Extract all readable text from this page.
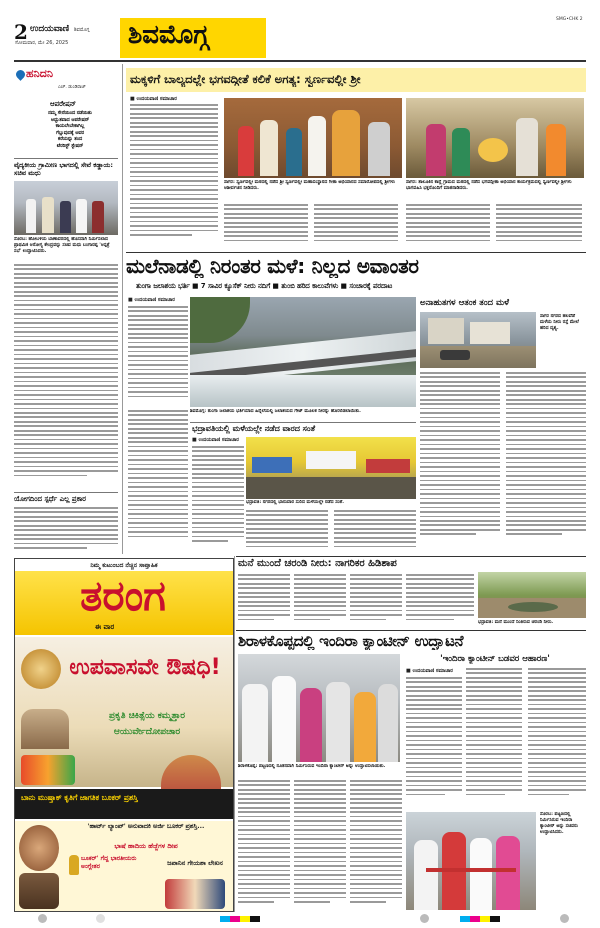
2 ಉದಯವಾಣಿ ಶಿವಮೊಗ್ಗ
ಸೋಮವಾರ, ಮೇ 26, 2025 ಶಿವಮೊಗ್ಗ
SMG•CHK 2
ಹನಿದನಿ
ಎಚ್. ಡುಂಡಿರಾಜ್
ಆಪರೇಷನ್
ನಮ್ಮ ಸೇನೆಯಿಂದ ನಡೆಯಿತು
ಅದ್ಭುತವಾದ ಆಪರೇಷನ್
ಕಾಯಲೇಬೇಕಾಗಿಲ್ಲ
ಗೆಲ್ಲುವುದಕ್ಕೆ ಅವರ
ಕರೆಯನ್ನು ತಂದ
ಟೆರರಿಸ್ಟ್ ಸ್ಟೇಷನ್
ವೈದ್ಯಕೀಯ ಗ್ರಾಮೀಣ ಭಾಗದಲ್ಲಿ ಸೇವೆ ಕಡ್ಡಾಯ: ಸಚಿವ ಮಧು
ಸೊರಬ: ಹೋಬಳಿಯ ಬಾಣಾವರದಲ್ಲಿ ಹೊಸದಾಗಿ ನಿರ್ಮಿಸಲಾದ ಪ್ರಾಥಮಿಕ ಆರೋಗ್ಯ ಕೇಂದ್ರವನ್ನು ಸಚಿವ ಮಧು ಬಂಗಾರಪ್ಪ 'ಆಸ್ಪತ್ರೆ ಸಭೆ' ಉದ್ಘಾಟಿಸಿದರು.
ಯೋಗದಿಂದ ಸ್ಪರ್ಧೆ ಎಲ್ಲ ಪ್ರಕಾರ
ಮಕ್ಕಳಿಗೆ ಬಾಲ್ಯದಲ್ಲೇ ಭಗವದ್ಗೀತೆ ಕಲಿಕೆ ಅಗತ್ಯ: ಸ್ವರ್ಣವಲ್ಲೀ ಶ್ರೀ
■ ಉದಯವಾಣಿ ಸಮಾಚಾರ
ಸಾಗರ: ಸ್ವರ್ಣವಲ್ಲೀ ಮಠದಲ್ಲಿ ನಡೆದ ಶ್ರೀ ಸ್ವರ್ಣವಲ್ಲೀ ಮಹಾಸಂಸ್ಥಾನದ ಗೀತಾ ಅಭಿಯಾನದ ಸಮಾರೋಪದಲ್ಲಿ ಶ್ರೀಗಳು ಆಶೀರ್ವಚನ ನೀಡಿದರು.
ಸಾಗರ: ತಾಲೂಕಿನ ಕಾನ್ಲೆ ಗ್ರಾಮದ ಮಠದಲ್ಲಿ ನಡೆದ ಭಗವದ್ಗೀತಾ ಅಭಿಯಾನ ಕಾರ್ಯಕ್ರಮದಲ್ಲಿ ಸ್ವರ್ಣವಲ್ಲೀ ಶ್ರೀಗಳು ಭಾಗವಹಿಸಿ ಭಕ್ತರೊಂದಿಗೆ ಮಾತನಾಡಿದರು.
ಮಲೆನಾಡಲ್ಲಿ ನಿರಂತರ ಮಳೆ: ನಿಲ್ಲದ ಅವಾಂತರ
ತುಂಗಾ ಜಲಾಶಯ ಭರ್ತಿ ■ 7 ಸಾವಿರ ಕ್ಯೂಸೆಕ್ ನೀರು ನದಿಗೆ ■ ತುಂಬಿ ಹರಿದ ಕಾಲುವೆಗಳು ■ ಸಂಚಾರಕ್ಕೆ ಪರದಾಟ
■ ಉದಯವಾಣಿ ಸಮಾಚಾರ
ಶಿವಮೊಗ್ಗ: ತುಂಗಾ ಜಲಾಶಯ ಭರ್ತಿಯಾದ ಹಿನ್ನೆಲೆಯಲ್ಲಿ ಜಲಾಶಯದ ಗೇಟ್ ಮೂಲಕ ನೀರನ್ನು ಹೊರಬಿಡಲಾಯಿತು.
ಭದ್ರಾವತಿಯಲ್ಲಿ ಮಳೆಯಲ್ಲೇ ನಡೆದ ವಾರದ ಸಂತೆ
■ ಉದಯವಾಣಿ ಸಮಾಚಾರ
ಭದ್ರಾವತಿ: ನಗರದಲ್ಲಿ ಭಾನುವಾರ ಸುರಿದ ಮಳೆಯಲ್ಲೇ ನಡೆದ ಸಂತೆ.
ಅನಾಹುತಗಳ ಆತಂಕ ತಂದ ಮಳೆ
ಸಾಗರ ನಗರದ ಹಲವೆಡೆ ಮಳೆಯ ನೀರು ರಸ್ತೆ ಮೇಲೆ ಹರಿದ ದೃಶ್ಯ.
ಮನೆ ಮುಂದೆ ಚರಂಡಿ ನೀರು: ನಾಗರಿಕರ ಹಿಡಿಶಾಪ
ಭದ್ರಾವತಿ: ಮನೆ ಮುಂದೆ ನಿಂತಿರುವ ಚರಂಡಿ ನೀರು.
ಶಿರಾಳಕೊಪ್ಪದಲ್ಲಿ ಇಂದಿರಾ ಕ್ಯಾಂಟೀನ್ ಉದ್ಘಾಟನೆ
ಶಿರಾಳಕೊಪ್ಪ: ಪಟ್ಟಣದಲ್ಲಿ ನೂತನವಾಗಿ ನಿರ್ಮಿಸಿರುವ ಇಂದಿರಾ ಕ್ಯಾಂಟೀನ್ ಅನ್ನು ಉದ್ಘಾಟಿಸಲಾಯಿತು.
'ಇಂದಿರಾ ಕ್ಯಾಂಟೀನ್ ಬಡವರ ಆಹಾರಣ'
■ ಉದಯವಾಣಿ ಸಮಾಚಾರ
ಸೊರಬ: ಪಟ್ಟಣದಲ್ಲಿ ನಿರ್ಮಿಸಿರುವ ಇಂದಿರಾ ಕ್ಯಾಂಟೀನ್ ಅನ್ನು ಸಚಿವರು ಉದ್ಘಾಟಿಸಿದರು.
ನಿಮ್ಮ ಕುಟುಂಬದ ನೆಚ್ಚಿನ ಸಾಪ್ತಾಹಿಕ
ತರಂಗ
ಈ ವಾರ
ಉಪವಾಸವೇ ಔಷಧಿ!
ಪ್ರಕೃತಿ ಚಿಕಿತ್ಸೆಯ ಕಮ್ಮತ್ತಾರ
ಆಯುರ್ವೇದೋಪಚಾರ
ಬಾನು ಮುಷ್ತಾಕ್ ಕೃತಿಗೆ ಜಾಗತಿಕ ಬೂಕರ್ ಪ್ರಶಸ್ತಿ
'ಹಾರ್ಟ್ ಲ್ಯಾಂಪ್' ಅನುವಾದಕಿ ಅರ್ಜಿ ಬೂಕರ್ ಪ್ರಶಸ್ತಿ...
ಭಾಷೆ ಹಾದಿಯ ಹೆಜ್ಜೆಗಳ ದೀಪ
ಬೂಕರ್' ಗೆದ್ದ ಭಾರತೀಯರು ಅಂಗ್ಲೇತರ	ಜಪಾನಿನ ಗೇಯಶಾ ಲೇಖನ
